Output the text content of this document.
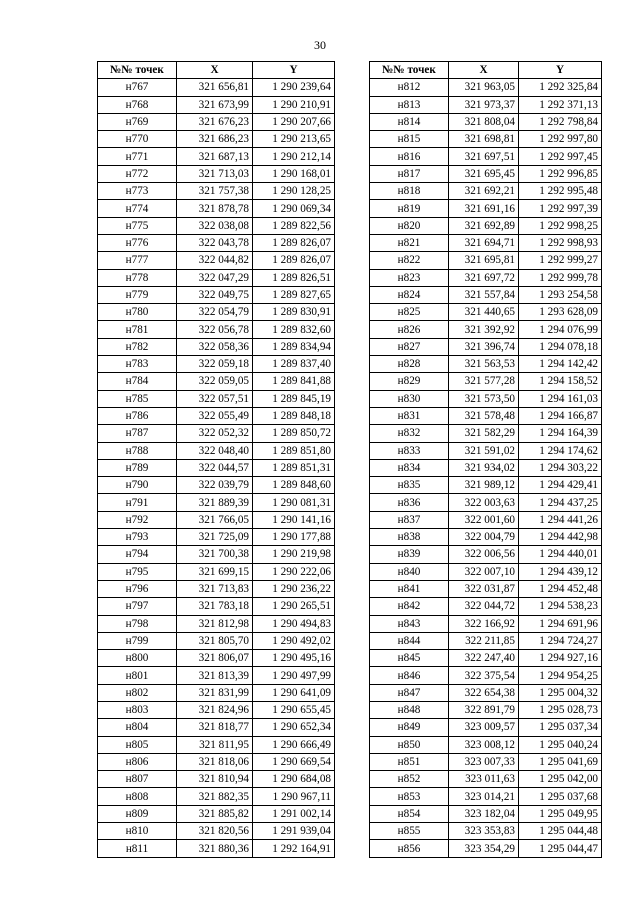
30
№№ точек	X	Y
н767	321 656,81	1 290 239,64
н768	321 673,99	1 290 210,91
н769	321 676,23	1 290 207,66
н770	321 686,23	1 290 213,65
н771	321 687,13	1 290 212,14
н772	321 713,03	1 290 168,01
н773	321 757,38	1 290 128,25
н774	321 878,78	1 290 069,34
н775	322 038,08	1 289 822,56
н776	322 043,78	1 289 826,07
н777	322 044,82	1 289 826,07
н778	322 047,29	1 289 826,51
н779	322 049,75	1 289 827,65
н780	322 054,79	1 289 830,91
н781	322 056,78	1 289 832,60
н782	322 058,36	1 289 834,94
н783	322 059,18	1 289 837,40
н784	322 059,05	1 289 841,88
н785	322 057,51	1 289 845,19
н786	322 055,49	1 289 848,18
н787	322 052,32	1 289 850,72
н788	322 048,40	1 289 851,80
н789	322 044,57	1 289 851,31
н790	322 039,79	1 289 848,60
н791	321 889,39	1 290 081,31
н792	321 766,05	1 290 141,16
н793	321 725,09	1 290 177,88
н794	321 700,38	1 290 219,98
н795	321 699,15	1 290 222,06
н796	321 713,83	1 290 236,22
н797	321 783,18	1 290 265,51
н798	321 812,98	1 290 494,83
н799	321 805,70	1 290 492,02
н800	321 806,07	1 290 495,16
н801	321 813,39	1 290 497,99
н802	321 831,99	1 290 641,09
н803	321 824,96	1 290 655,45
н804	321 818,77	1 290 652,34
н805	321 811,95	1 290 666,49
н806	321 818,06	1 290 669,54
н807	321 810,94	1 290 684,08
н808	321 882,35	1 290 967,11
н809	321 885,82	1 291 002,14
н810	321 820,56	1 291 939,04
н811	321 880,36	1 292 164,91
№№ точек	X	Y
н812	321 963,05	1 292 325,84
н813	321 973,37	1 292 371,13
н814	321 808,04	1 292 798,84
н815	321 698,81	1 292 997,80
н816	321 697,51	1 292 997,45
н817	321 695,45	1 292 996,85
н818	321 692,21	1 292 995,48
н819	321 691,16	1 292 997,39
н820	321 692,89	1 292 998,25
н821	321 694,71	1 292 998,93
н822	321 695,81	1 292 999,27
н823	321 697,72	1 292 999,78
н824	321 557,84	1 293 254,58
н825	321 440,65	1 293 628,09
н826	321 392,92	1 294 076,99
н827	321 396,74	1 294 078,18
н828	321 563,53	1 294 142,42
н829	321 577,28	1 294 158,52
н830	321 573,50	1 294 161,03
н831	321 578,48	1 294 166,87
н832	321 582,29	1 294 164,39
н833	321 591,02	1 294 174,62
н834	321 934,02	1 294 303,22
н835	321 989,12	1 294 429,41
н836	322 003,63	1 294 437,25
н837	322 001,60	1 294 441,26
н838	322 004,79	1 294 442,98
н839	322 006,56	1 294 440,01
н840	322 007,10	1 294 439,12
н841	322 031,87	1 294 452,48
н842	322 044,72	1 294 538,23
н843	322 166,92	1 294 691,96
н844	322 211,85	1 294 724,27
н845	322 247,40	1 294 927,16
н846	322 375,54	1 294 954,25
н847	322 654,38	1 295 004,32
н848	322 891,79	1 295 028,73
н849	323 009,57	1 295 037,34
н850	323 008,12	1 295 040,24
н851	323 007,33	1 295 041,69
н852	323 011,63	1 295 042,00
н853	323 014,21	1 295 037,68
н854	323 182,04	1 295 049,95
н855	323 353,83	1 295 044,48
н856	323 354,29	1 295 044,47
